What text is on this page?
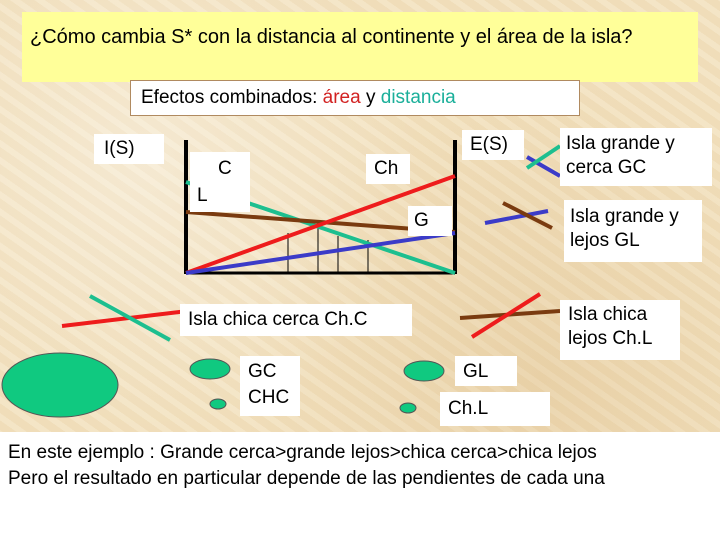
¿Cómo cambia S* con la distancia al continente y el área de la isla?
Efectos combinados: área y distancia
I(S)	E(S)
C
L
Ch
G
Isla grande y cerca GC
Isla grande y lejos GL
Isla chica cerca Ch.C	Isla chica lejos Ch.L
GC
CHC
GL
Ch.L
En este ejemplo : Grande cerca>grande lejos>chica cerca>chica lejos
Pero el resultado en particular depende de las pendientes de cada una
